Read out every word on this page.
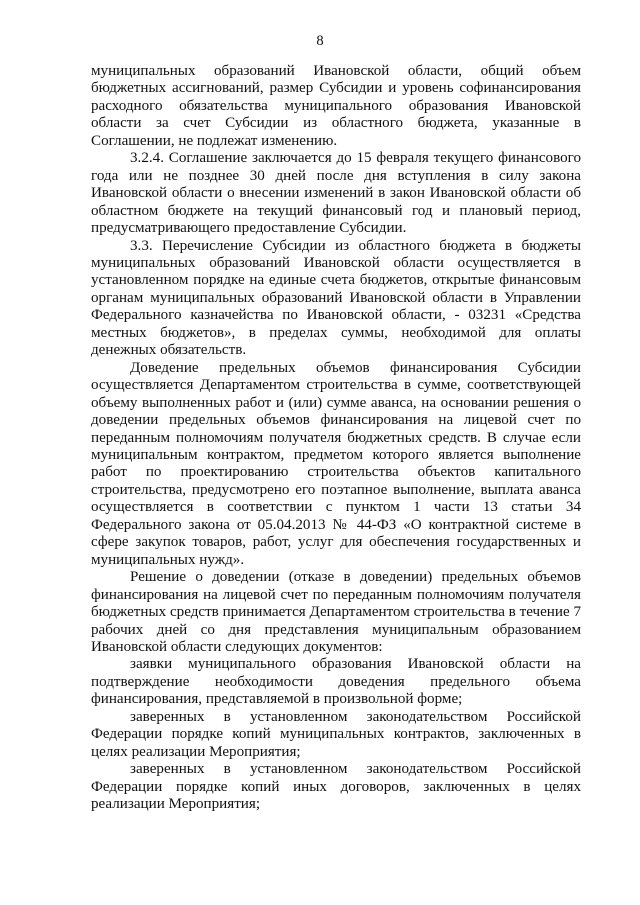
8

муниципальных образований Ивановской области, общий объем бюджетных ассигнований, размер Субсидии и уровень софинансирования расходного обязательства муниципального образования Ивановской области за счет Субсидии из областного бюджета, указанные в Соглашении, не подлежат изменению.

3.2.4. Соглашение заключается до 15 февраля текущего финансового года или не позднее 30 дней после дня вступления в силу закона Ивановской области о внесении изменений в закон Ивановской области об областном бюджете на текущий финансовый год и плановый период, предусматривающего предоставление Субсидии.

3.3. Перечисление Субсидии из областного бюджета в бюджеты муниципальных образований Ивановской области осуществляется в установленном порядке на единые счета бюджетов, открытые финансовым органам муниципальных образований Ивановской области в Управлении Федерального казначейства по Ивановской области, - 03231 «Средства местных бюджетов», в пределах суммы, необходимой для оплаты денежных обязательств.

Доведение предельных объемов финансирования Субсидии осуществляется Департаментом строительства в сумме, соответствующей объему выполненных работ и (или) сумме аванса, на основании решения о доведении предельных объемов финансирования на лицевой счет по переданным полномочиям получателя бюджетных средств. В случае если муниципальным контрактом, предметом которого является выполнение работ по проектированию строительства объектов капитального строительства, предусмотрено его поэтапное выполнение, выплата аванса осуществляется в соответствии с пунктом 1 части 13 статьи 34 Федерального закона от 05.04.2013 № 44-ФЗ «О контрактной системе в сфере закупок товаров, работ, услуг для обеспечения государственных и муниципальных нужд».

Решение о доведении (отказе в доведении) предельных объемов финансирования на лицевой счет по переданным полномочиям получателя бюджетных средств принимается Департаментом строительства в течение 7 рабочих дней со дня представления муниципальным образованием Ивановской области следующих документов:

заявки муниципального образования Ивановской области на подтверждение необходимости доведения предельного объема финансирования, представляемой в произвольной форме;

заверенных в установленном законодательством Российской Федерации порядке копий муниципальных контрактов, заключенных в целях реализации Мероприятия;

заверенных в установленном законодательством Российской Федерации порядке копий иных договоров, заключенных в целях реализации Мероприятия;
